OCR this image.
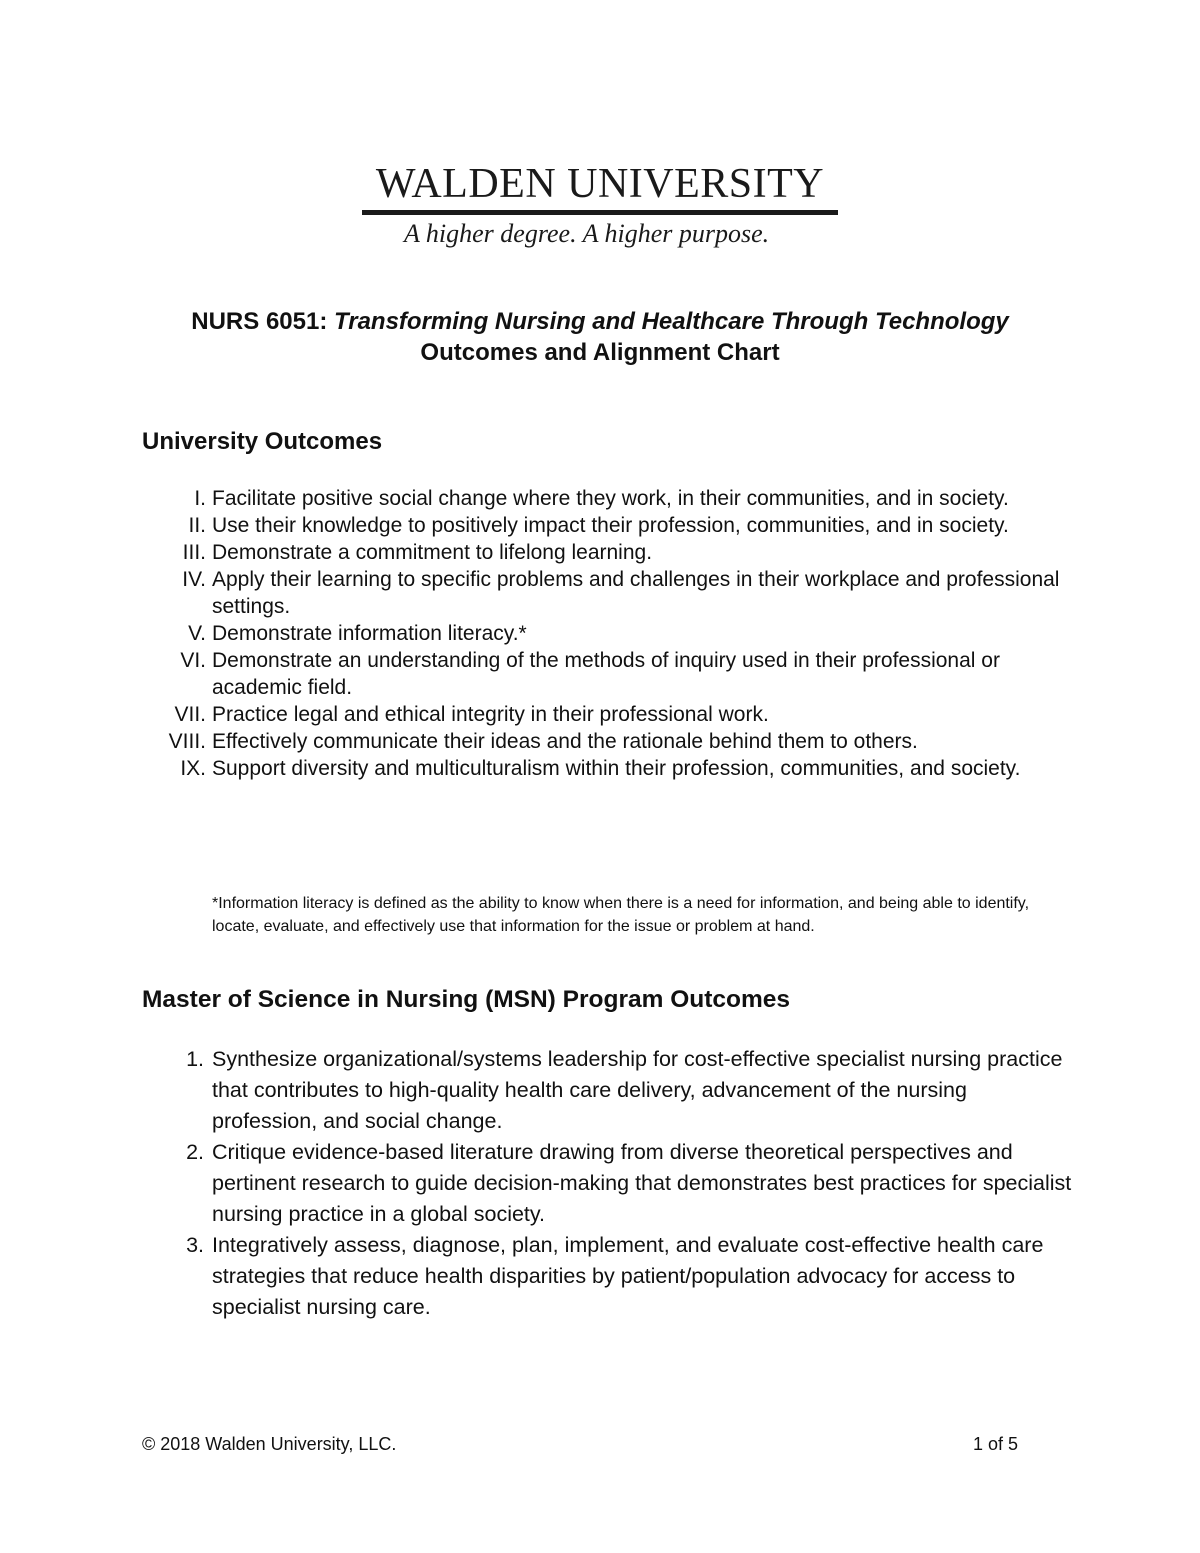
WALDEN UNIVERSITY
A higher degree. A higher purpose.
NURS 6051: Transforming Nursing and Healthcare Through Technology
Outcomes and Alignment Chart
University Outcomes
I. Facilitate positive social change where they work, in their communities, and in society.
II. Use their knowledge to positively impact their profession, communities, and in society.
III. Demonstrate a commitment to lifelong learning.
IV. Apply their learning to specific problems and challenges in their workplace and professional settings.
V. Demonstrate information literacy.*
VI. Demonstrate an understanding of the methods of inquiry used in their professional or academic field.
VII. Practice legal and ethical integrity in their professional work.
VIII. Effectively communicate their ideas and the rationale behind them to others.
IX. Support diversity and multiculturalism within their profession, communities, and society.
*Information literacy is defined as the ability to know when there is a need for information, and being able to identify, locate, evaluate, and effectively use that information for the issue or problem at hand.
Master of Science in Nursing (MSN) Program Outcomes
1. Synthesize organizational/systems leadership for cost-effective specialist nursing practice that contributes to high-quality health care delivery, advancement of the nursing profession, and social change.
2. Critique evidence-based literature drawing from diverse theoretical perspectives and pertinent research to guide decision-making that demonstrates best practices for specialist nursing practice in a global society.
3. Integratively assess, diagnose, plan, implement, and evaluate cost-effective health care strategies that reduce health disparities by patient/population advocacy for access to specialist nursing care.
© 2018 Walden University, LLC.	1 of 5
